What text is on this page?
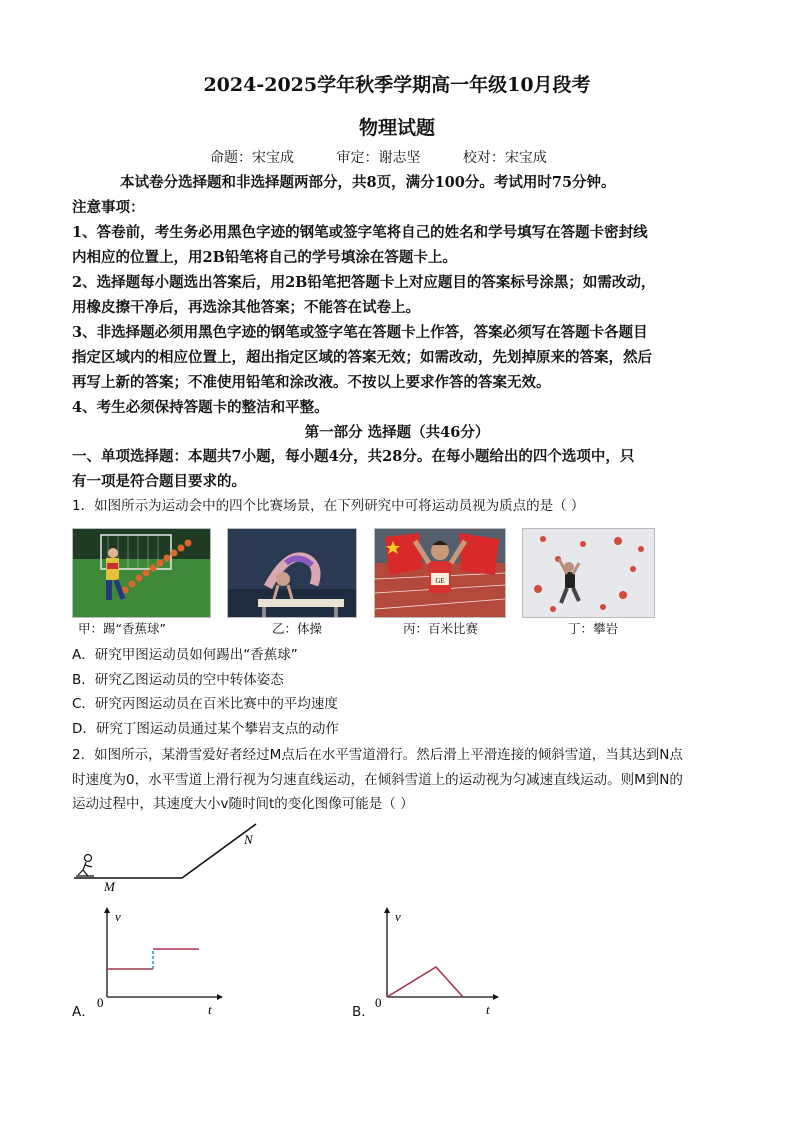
2024-2025学年秋季学期高一年级10月段考
物理试题
命题：宋宝成	审定：谢志坚	校对：宋宝成
本试卷分选择题和非选择题两部分，共8页，满分100分。考试用时75分钟。
注意事项：
1、答卷前，考生务必用黑色字迹的钢笔或签字笔将自己的姓名和学号填写在答题卡密封线
内相应的位置上，用2B铅笔将自己的学号填涂在答题卡上。
2、选择题每小题选出答案后，用2B铅笔把答题卡上对应题目的答案标号涂黑；如需改动，
用橡皮擦干净后，再选涂其他答案；不能答在试卷上。
3、非选择题必须用黑色字迹的钢笔或签字笔在答题卡上作答，答案必须写在答题卡各题目
指定区域内的相应位置上，超出指定区域的答案无效；如需改动，先划掉原来的答案，然后
再写上新的答案；不准使用铅笔和涂改液。不按以上要求作答的答案无效。
4、考生必须保持答题卡的整洁和平整。
第一部分 选择题（共46分）
一、单项选择题：本题共7小题，每小题4分，共28分。在每小题给出的四个选项中，只
有一项是符合题目要求的。
1．如图所示为运动会中的四个比赛场景，在下列研究中可将运动员视为质点的是（ ）
GE
甲：踢“香蕉球”	乙：体操	丙：百米比赛	丁：攀岩
A．研究甲图运动员如何踢出“香蕉球”
B．研究乙图运动员的空中转体姿态
C．研究丙图运动员在百米比赛中的平均速度
D．研究丁图运动员通过某个攀岩支点的动作
2．如图所示，某滑雪爱好者经过M点后在水平雪道滑行。然后滑上平滑连接的倾斜雪道，当其达到N点
时速度为0，水平雪道上滑行视为匀速直线运动，在倾斜雪道上的运动视为匀减速直线运动。则M到N的
运动过程中，其速度大小v随时间t的变化图像可能是（ ）
M
N
v
0	t
A．
v
0	t
B．
